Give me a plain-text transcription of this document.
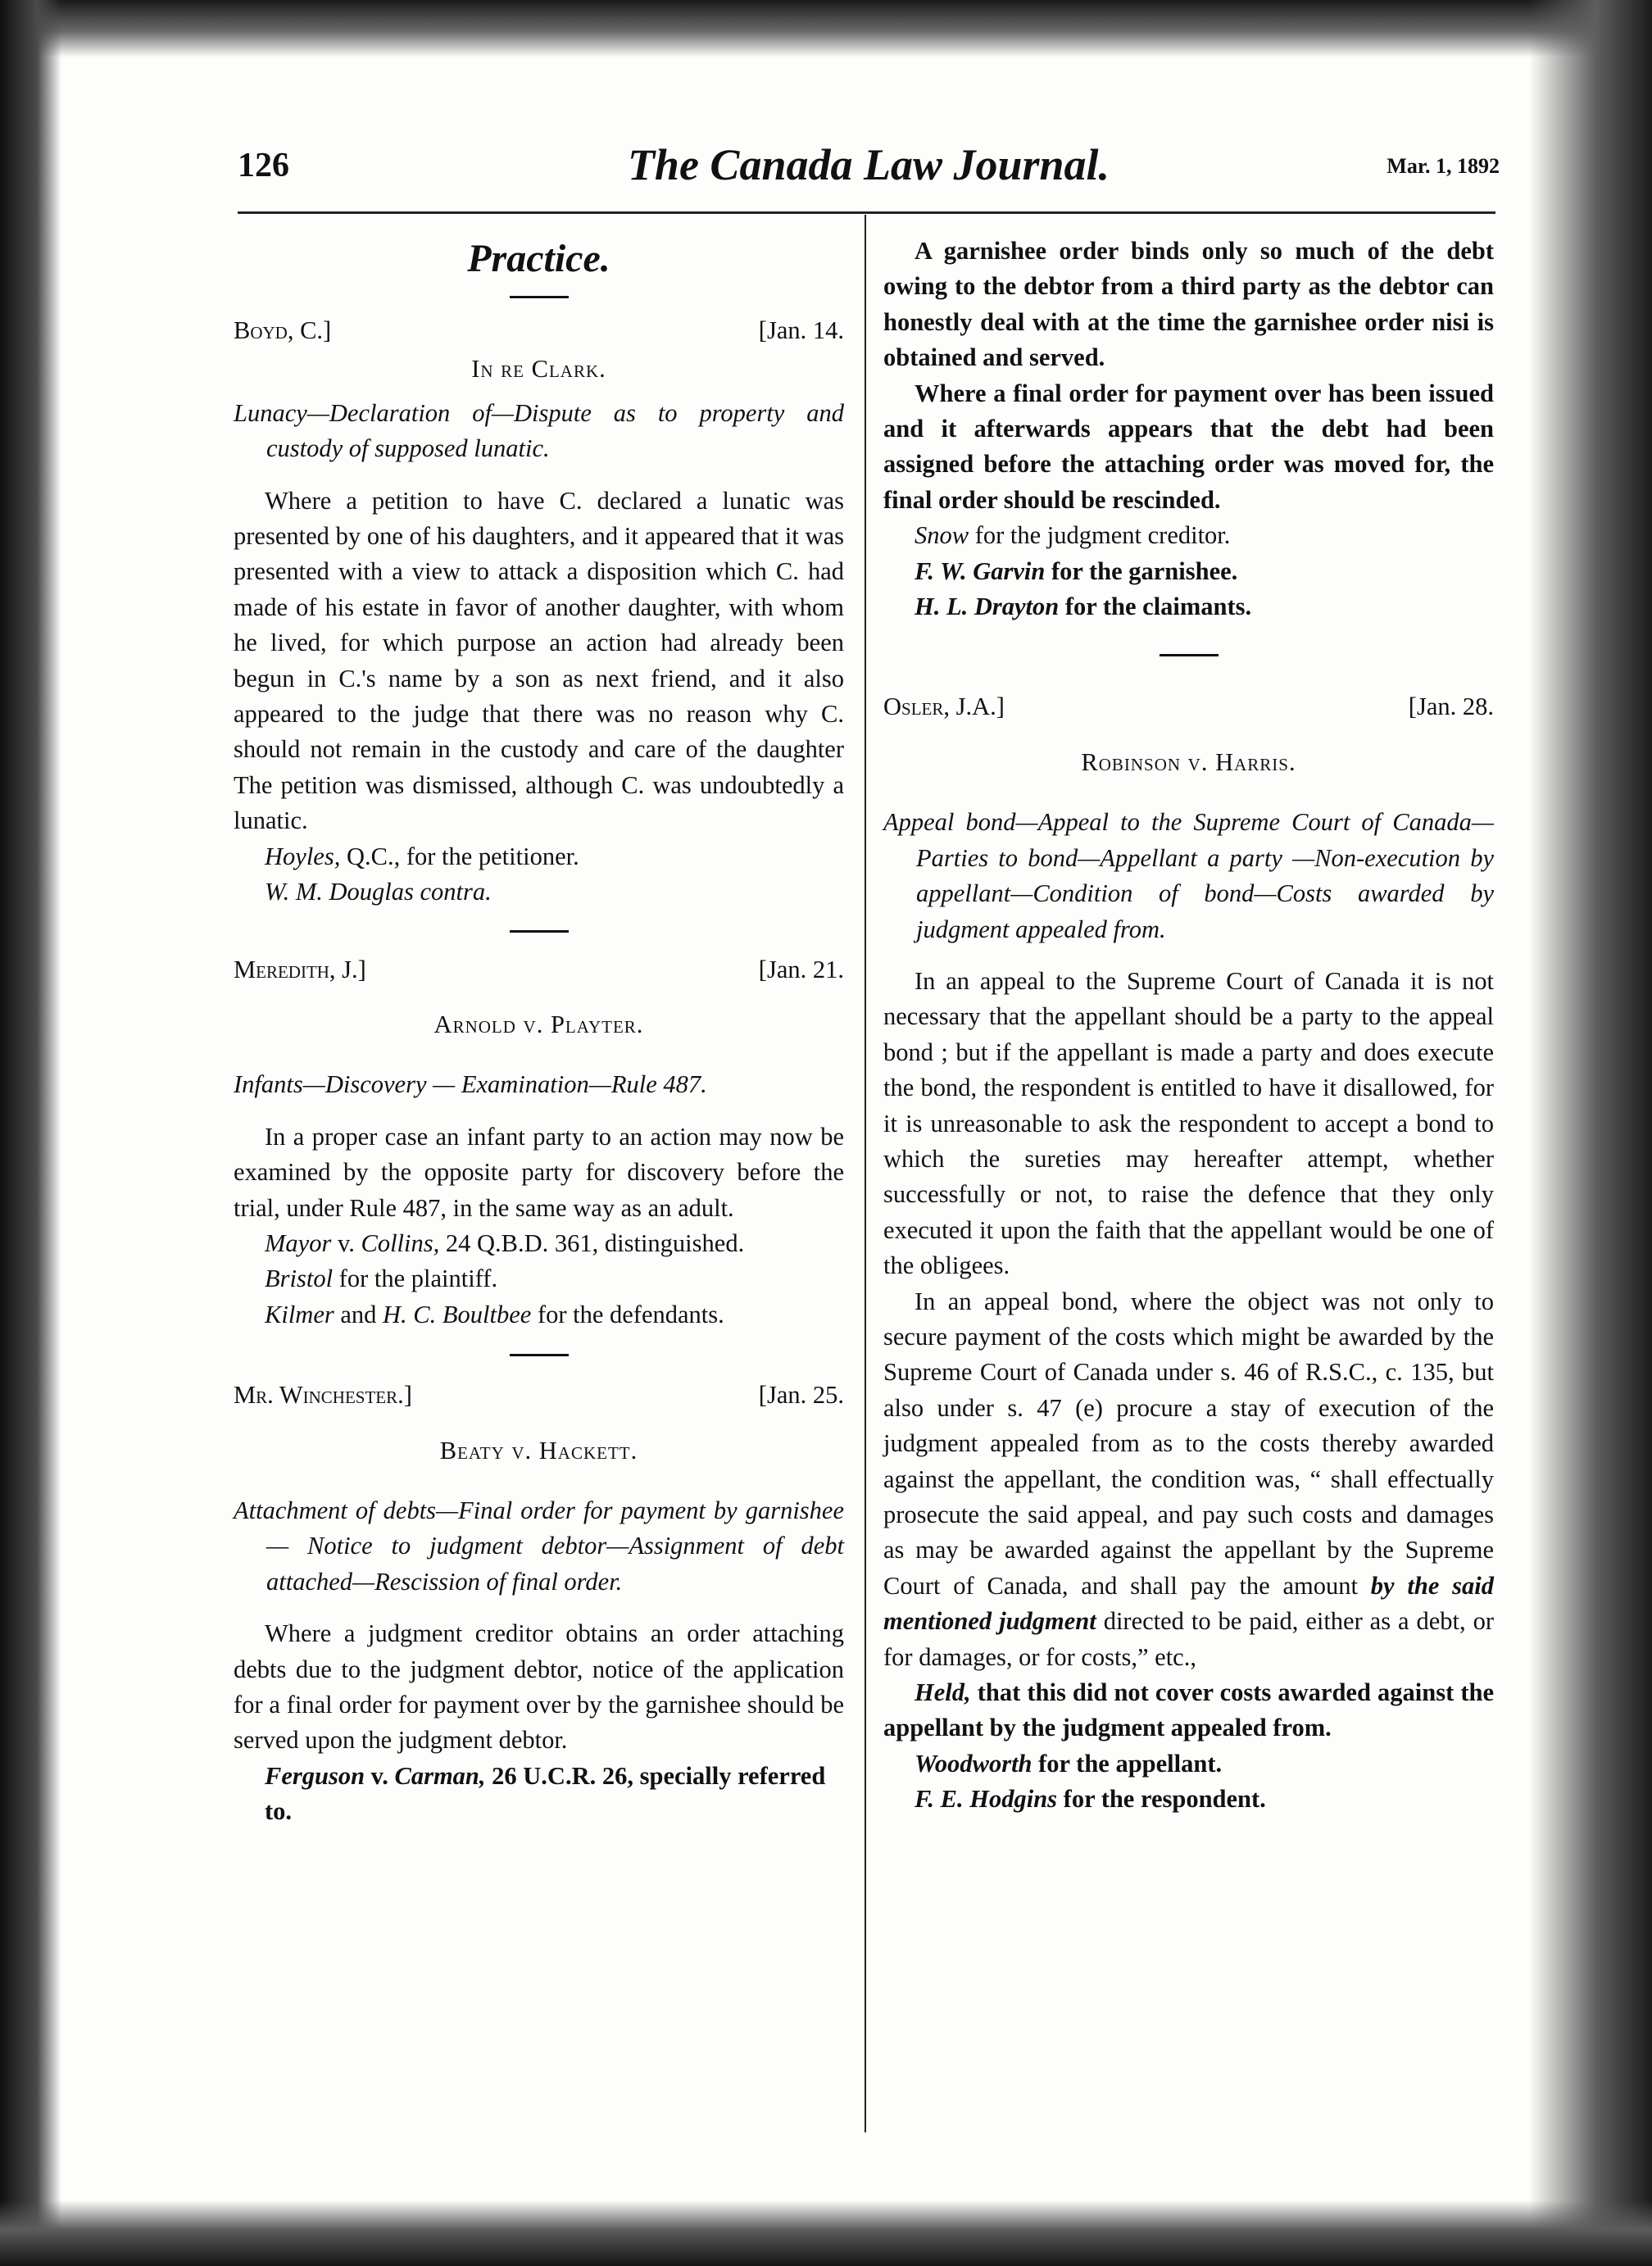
126	The Canada Law Journal.	Mar. 1, 1892
Practice.
Boyd, C.]	[Jan. 14.
In re Clark.

Lunacy—Declaration of—Dispute as to property and custody of supposed lunatic.

Where a petition to have C. declared a lunatic was presented by one of his daughters, and it appeared that it was presented with a view to attack a disposition which C. had made of his estate in favor of another daughter, with whom he lived, for which purpose an action had already been begun in C.'s name by a son as next friend, and it also appeared to the judge that there was no reason why C. should not remain in the custody and care of the daughter The petition was dismissed, although C. was undoubtedly a lunatic.

Hoyles, Q.C., for the petitioner.

W. M. Douglas contra.

Meredith, J.]	[Jan. 21.
Arnold v. Playter.

Infants—Discovery — Examination—Rule 487.

In a proper case an infant party to an action may now be examined by the opposite party for discovery before the trial, under Rule 487, in the same way as an adult.

Mayor v. Collins, 24 Q.B.D. 361, distinguished.

Bristol for the plaintiff.

Kilmer and H. C. Boultbee for the defendants.

Mr. Winchester.]	[Jan. 25.
Beaty v. Hackett.

Attachment of debts—Final order for payment by garnishee — Notice to judgment debtor—Assignment of debt attached—Rescission of final order.

Where a judgment creditor obtains an order attaching debts due to the judgment debtor, notice of the application for a final order for payment over by the garnishee should be served upon the judgment debtor.

Ferguson v. Carman, 26 U.C.R. 26, specially referred to.

A garnishee order binds only so much of the debt owing to the debtor from a third party as the debtor can honestly deal with at the time the garnishee order nisi is obtained and served.

Where a final order for payment over has been issued and it afterwards appears that the debt had been assigned before the attaching order was moved for, the final order should be rescinded.

Snow for the judgment creditor.

F. W. Garvin for the garnishee.

H. L. Drayton for the claimants.

Osler, J.A.]	[Jan. 28.
Robinson v. Harris.

Appeal bond—Appeal to the Supreme Court of Canada—Parties to bond—Appellant a party —Non-execution by appellant—Condition of bond—Costs awarded by judgment appealed from.

In an appeal to the Supreme Court of Canada it is not necessary that the appellant should be a party to the appeal bond ; but if the appellant is made a party and does execute the bond, the respondent is entitled to have it disallowed, for it is unreasonable to ask the respondent to accept a bond to which the sureties may hereafter attempt, whether successfully or not, to raise the defence that they only executed it upon the faith that the appellant would be one of the obligees.

In an appeal bond, where the object was not only to secure payment of the costs which might be awarded by the Supreme Court of Canada under s. 46 of R.S.C., c. 135, but also under s. 47 (e) procure a stay of execution of the judgment appealed from as to the costs thereby awarded against the appellant, the condition was, “ shall effectually prosecute the said appeal, and pay such costs and damages as may be awarded against the appellant by the Supreme Court of Canada, and shall pay the amount by the said mentioned judgment directed to be paid, either as a debt, or for damages, or for costs,” etc.,

Held, that this did not cover costs awarded against the appellant by the judgment appealed from.

Woodworth for the appellant.

F. E. Hodgins for the respondent.
